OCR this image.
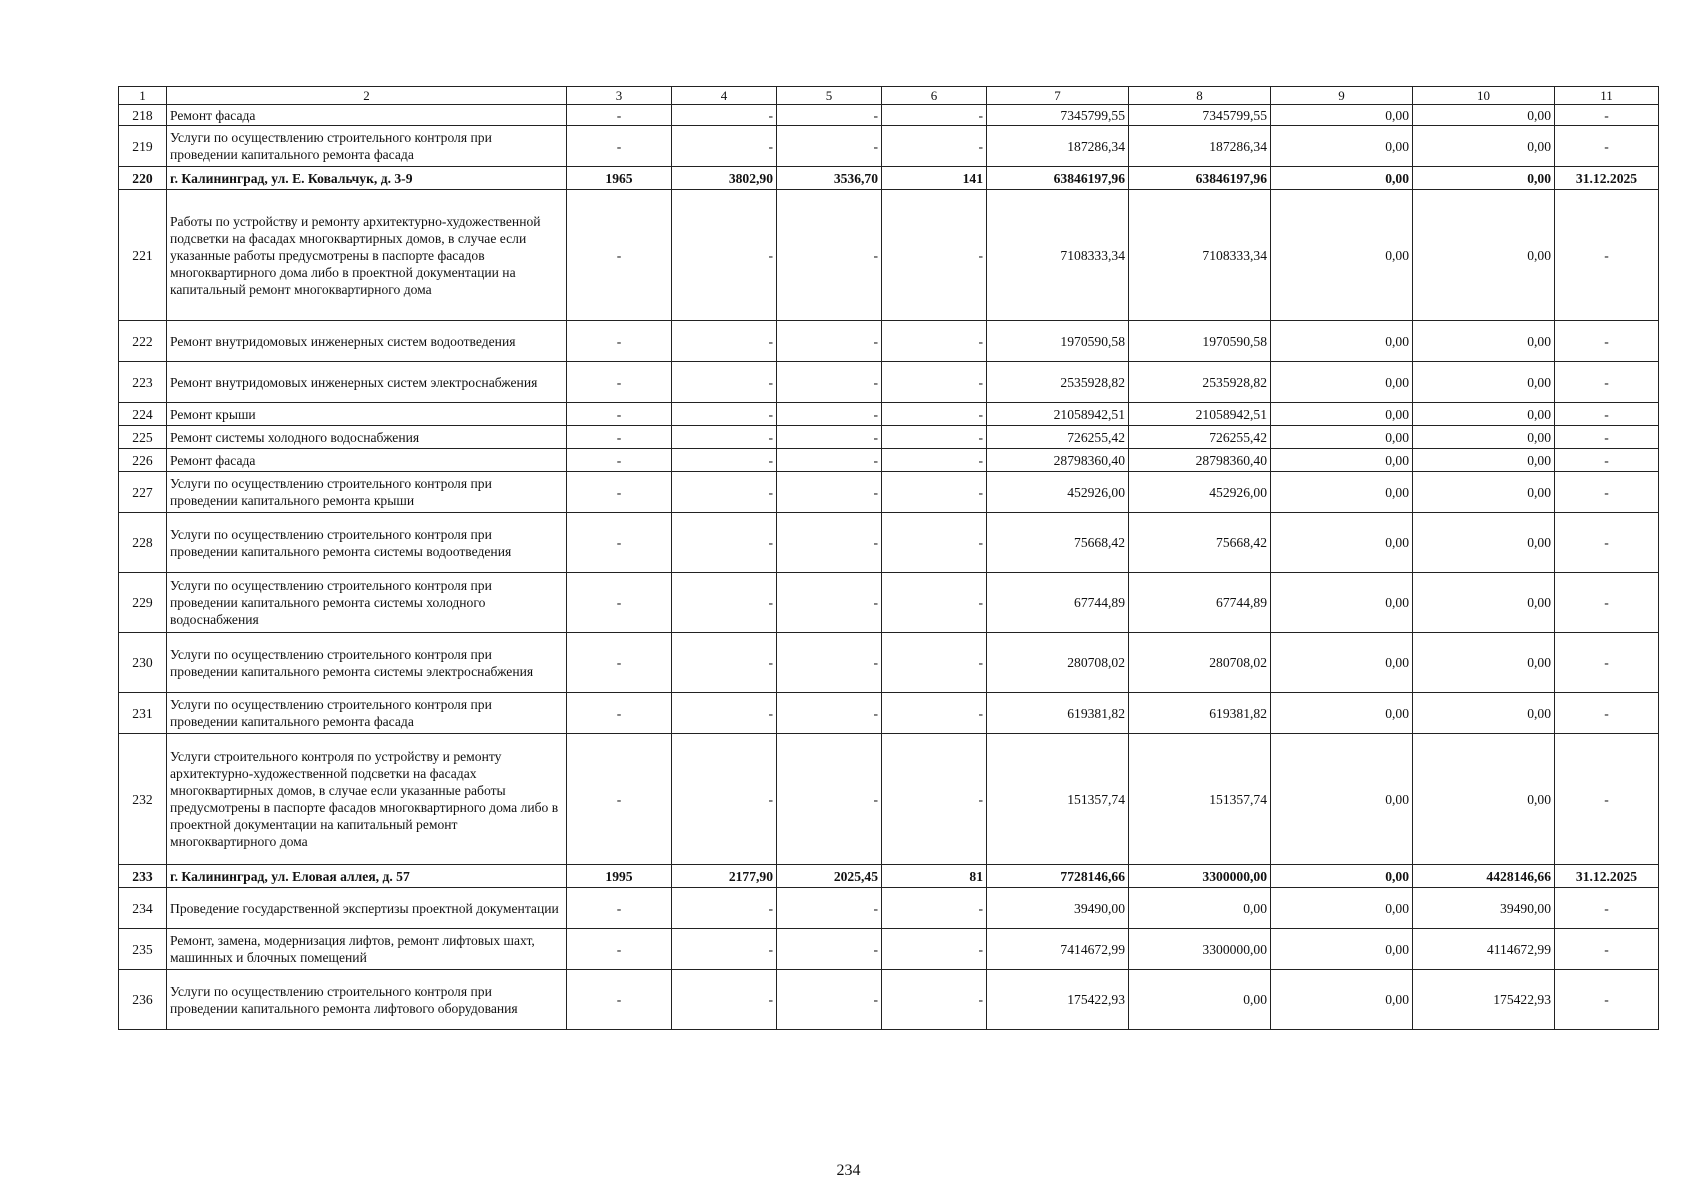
1	2	3	4	5	6	7	8	9	10	11
218	Ремонт фасада	-	-	-	-	7345799,55	7345799,55	0,00	0,00	-
219	Услуги по осуществлению строительного контроля при проведении капитального ремонта фасада	-	-	-	-	187286,34	187286,34	0,00	0,00	-
220	г. Калининград, ул. Е. Ковальчук, д. 3-9	1965	3802,90	3536,70	141	63846197,96	63846197,96	0,00	0,00	31.12.2025
221	Работы по устройству и ремонту архитектурно-художественной подсветки на фасадах многоквартирных домов, в случае если указанные работы предусмотрены в паспорте фасадов многоквартирного дома либо в проектной документации на капитальный ремонт многоквартирного дома	-	-	-	-	7108333,34	7108333,34	0,00	0,00	-
222	Ремонт внутридомовых инженерных систем водоотведения	-	-	-	-	1970590,58	1970590,58	0,00	0,00	-
223	Ремонт внутридомовых инженерных систем электроснабжения	-	-	-	-	2535928,82	2535928,82	0,00	0,00	-
224	Ремонт крыши	-	-	-	-	21058942,51	21058942,51	0,00	0,00	-
225	Ремонт системы холодного водоснабжения	-	-	-	-	726255,42	726255,42	0,00	0,00	-
226	Ремонт фасада	-	-	-	-	28798360,40	28798360,40	0,00	0,00	-
227	Услуги по осуществлению строительного контроля при проведении капитального ремонта крыши	-	-	-	-	452926,00	452926,00	0,00	0,00	-
228	Услуги по осуществлению строительного контроля при проведении капитального ремонта системы водоотведения	-	-	-	-	75668,42	75668,42	0,00	0,00	-
229	Услуги по осуществлению строительного контроля при проведении капитального ремонта системы холодного водоснабжения	-	-	-	-	67744,89	67744,89	0,00	0,00	-
230	Услуги по осуществлению строительного контроля при проведении капитального ремонта системы электроснабжения	-	-	-	-	280708,02	280708,02	0,00	0,00	-
231	Услуги по осуществлению строительного контроля при проведении капитального ремонта фасада	-	-	-	-	619381,82	619381,82	0,00	0,00	-
232	Услуги строительного контроля по устройству и ремонту архитектурно-художественной подсветки на фасадах многоквартирных домов, в случае если указанные работы предусмотрены в паспорте фасадов многоквартирного дома либо в проектной документации на капитальный ремонт многоквартирного дома	-	-	-	-	151357,74	151357,74	0,00	0,00	-
233	г. Калининград, ул. Еловая аллея, д. 57	1995	2177,90	2025,45	81	7728146,66	3300000,00	0,00	4428146,66	31.12.2025
234	Проведение государственной экспертизы проектной документации	-	-	-	-	39490,00	0,00	0,00	39490,00	-
235	Ремонт, замена, модернизация лифтов, ремонт лифтовых шахт, машинных и блочных помещений	-	-	-	-	7414672,99	3300000,00	0,00	4114672,99	-
236	Услуги по осуществлению строительного контроля при проведении капитального ремонта лифтового оборудования	-	-	-	-	175422,93	0,00	0,00	175422,93	-
234
